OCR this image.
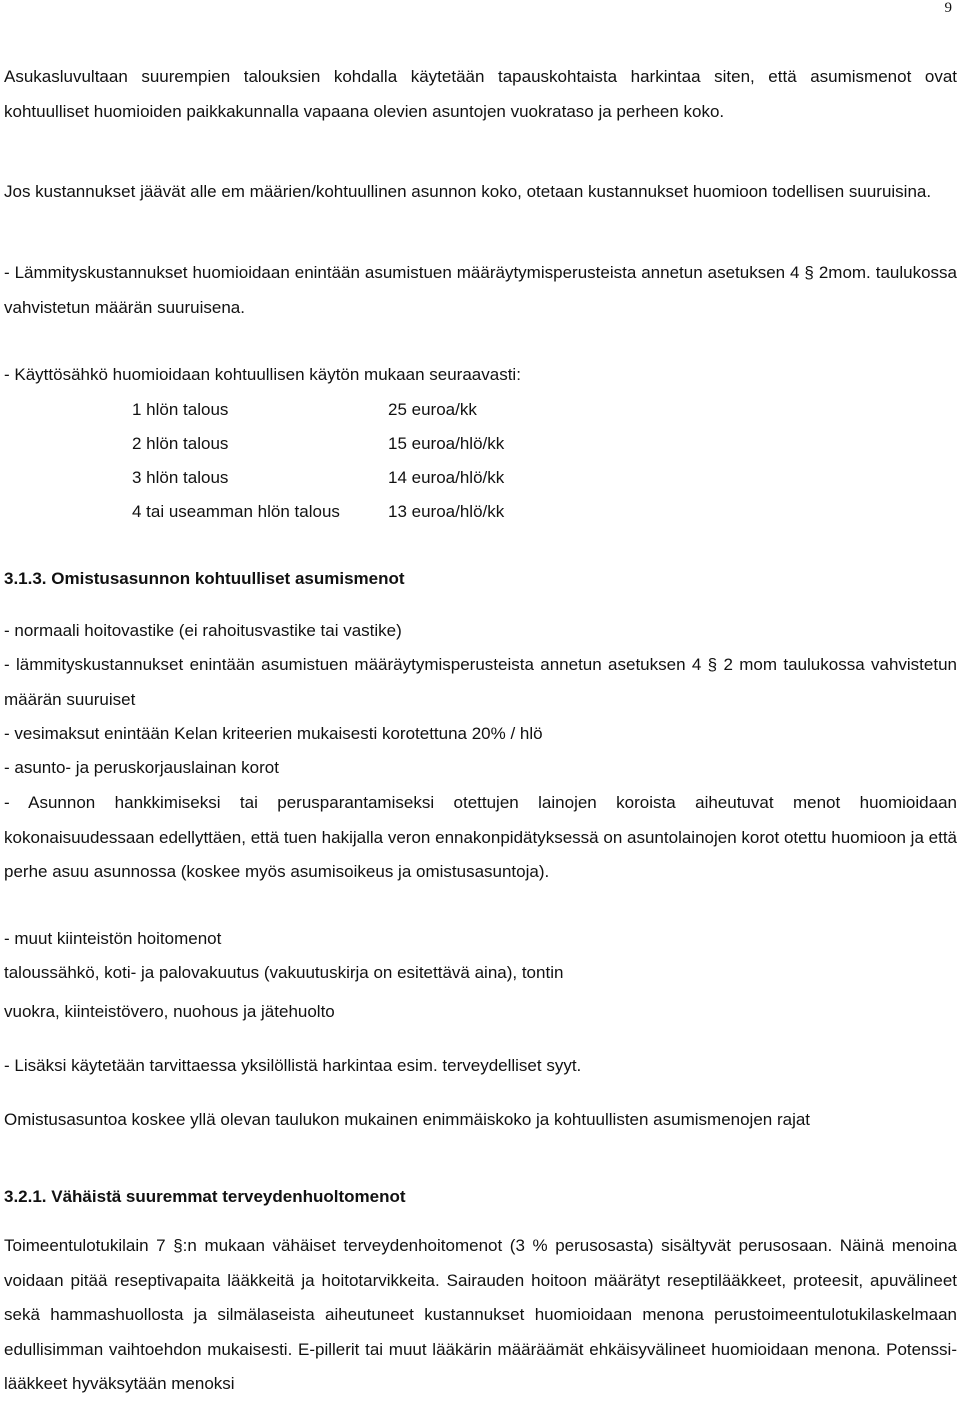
9

Asukasluvultaan suurempien talouksien kohdalla käytetään tapauskohtaista harkintaa siten, että asumismenot ovat kohtuulliset huomioiden paikkakunnalla vapaana olevien asuntojen vuokrataso ja perheen koko.

Jos kustannukset jäävät alle em määrien/kohtuullinen asunnon koko, otetaan kustannukset huomioon todellisen suuruisina.

- Lämmityskustannukset huomioidaan enintään asumistuen määräytymisperusteista annetun asetuksen 4 § 2mom. taulukossa vahvistetun määrän suuruisena.

- Käyttösähkö huomioidaan kohtuullisen käytön mukaan seuraavasti:

1 hlön talous	25 euroa/kk
2 hlön talous	15 euroa/hlö/kk
3 hlön talous	14 euroa/hlö/kk
4 tai useamman hlön talous	13 euroa/hlö/kk

3.1.3. Omistusasunnon kohtuulliset asumismenot

- normaali hoitovastike (ei rahoitusvastike tai vastike)

- lämmityskustannukset enintään asumistuen määräytymisperusteista annetun asetuksen 4 § 2 mom taulukossa vahvistetun määrän suuruiset

- vesimaksut enintään Kelan kriteerien mukaisesti korotettuna 20% / hlö

- asunto- ja peruskorjauslainan korot

- Asunnon hankkimiseksi tai perusparantamiseksi otettujen lainojen koroista aiheutuvat menot huomioidaan kokonaisuudessaan edellyttäen, että tuen hakijalla veron ennakonpidätyksessä on asuntolainojen korot otettu huomioon ja että perhe asuu asunnossa (koskee myös asumisoikeus ja omistusasuntoja).

- muut kiinteistön hoitomenot

taloussähkö, koti- ja palovakuutus (vakuutuskirja on esitettävä aina), tontin

vuokra, kiinteistövero, nuohous ja jätehuolto

- Lisäksi käytetään tarvittaessa yksilöllistä harkintaa esim. terveydelliset syyt.

Omistusasuntoa koskee yllä olevan taulukon mukainen enimmäiskoko ja kohtuullisten asumismenojen rajat

3.2.1. Vähäistä suuremmat terveydenhuoltomenot

Toimeentulotukilain 7 §:n mukaan vähäiset terveydenhoitomenot (3 % perusosasta) sisältyvät perusosaan. Näinä menoina voidaan pitää reseptivapaita lääkkeitä ja hoitotarvikkeita. Sairauden hoitoon määrätyt reseptilääkkeet, proteesit, apuvälineet sekä hammashuollosta ja silmälaseista aiheutuneet kustannukset huomioidaan menona perustoimeentulotukilaskelmaan edullisimman vaihtoehdon mukaisesti. E-pillerit tai muut lääkärin määräämät ehkäisyvälineet huomioidaan menona. Potenssi-lääkkeet hyväksytään menoksi
